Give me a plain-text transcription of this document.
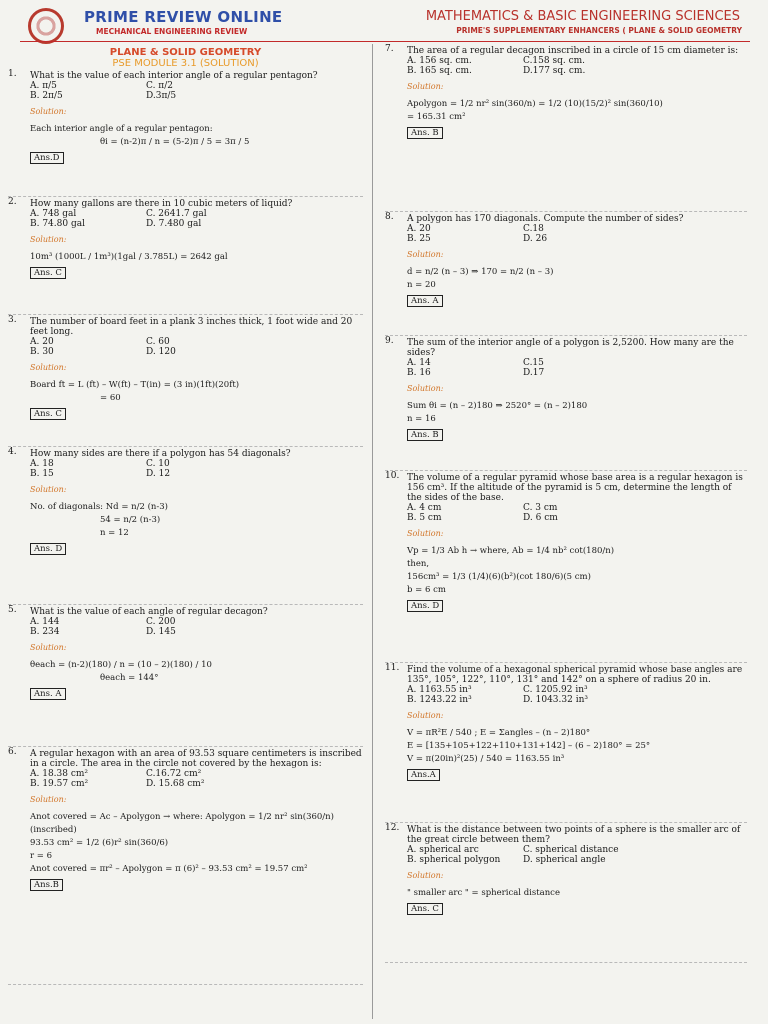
PRIME REVIEW ONLINE
MECHANICAL ENGINEERING REVIEW
MATHEMATICS & BASIC ENGINEERING SCIENCES
PRIME'S SUPPLEMENTARY ENHANCERS ( PLANE & SOLID GEOMETRY
PLANE & SOLID GEOMETRY
PSE MODULE 3.1 (SOLUTION)
1. What is the value of each interior angle of a regular pentagon?
A. π/5	C. π/2
B. 2π/5	D.3π/5
Solution:
Each interior angle of a regular pentagon:
θi = (n-2)π / n = (5-2)π / 5 = 3π / 5
Ans.D
2. How many gallons are there in 10 cubic meters of liquid?
A. 748 gal	C. 2641.7 gal
B. 74.80 gal	D. 7.480 gal
Solution:
10m³ (1000L / 1m³)(1gal / 3.785L) = 2642 gal
Ans. C
3. The number of board feet in a plank 3 inches thick, 1 foot wide and 20 feet long.
A. 20	C. 60
B. 30	D. 120
Solution:
Board ft = L (ft) – W(ft) – T(in) = (3 in)(1ft)(20ft)
= 60
Ans. C
4. How many sides are there if a polygon has 54 diagonals?
A. 18	C. 10
B. 15	D. 12
Solution:
No. of diagonals: Nd = n/2 (n-3)
54 = n/2 (n-3)
n = 12
Ans. D
5. What is the value of each angle of regular decagon?
A. 144	C. 200
B. 234	D. 145
Solution:
θeach = (n-2)(180) / n = (10 – 2)(180) / 10
θeach = 144°
Ans. A
6. A regular hexagon with an area of 93.53 square centimeters is inscribed in a circle. The area in the circle not covered by the hexagon is:
A. 18.38 cm²	C.16.72 cm²
B. 19.57 cm²	D. 15.68 cm²
Solution:
Anot covered = Ac – Apolygon → where: Apolygon = 1/2 nr² sin(360/n) (inscribed)
93.53 cm² = 1/2 (6)r² sin(360/6)
r = 6
Anot covered = πr² – Apolygon = π (6)² – 93.53 cm² = 19.57 cm²
Ans.B
7. The area of a regular decagon inscribed in a circle of 15 cm diameter is:
A. 156 sq. cm.	C.158 sq. cm.
B. 165 sq. cm.	D.177 sq. cm.
Solution:
Apolygon = 1/2 nr² sin(360/n) = 1/2 (10)(15/2)² sin(360/10)
= 165.31 cm²
Ans. B
8. A polygon has 170 diagonals. Compute the number of sides?
A. 20	C.18
B. 25	D. 26
Solution:
d = n/2 (n – 3) ⇒ 170 = n/2 (n – 3)
n = 20
Ans. A
9. The sum of the interior angle of a polygon is 2,5200. How many are the sides?
A. 14	C.15
B. 16	D.17
Solution:
Sum θi = (n – 2)180 ⇒ 2520° = (n – 2)180
n = 16
Ans. B
10. The volume of a regular pyramid whose base area is a regular hexagon is 156 cm³. If the altitude of the pyramid is 5 cm, determine the length of the sides of the base.
A. 4 cm	C. 3 cm
B. 5 cm	D. 6 cm
Solution:
Vp = 1/3 Ab h → where, Ab = 1/4 nb² cot(180/n)
then,
156cm³ = 1/3 (1/4)(6)(b²)(cot 180/6)(5 cm)
b = 6 cm
Ans. D
11. Find the volume of a hexagonal spherical pyramid whose base angles are 135°, 105°, 122°, 110°, 131° and 142° on a sphere of radius 20 in.
A. 1163.55 in³	C. 1205.92 in³
B. 1243.22 in³	D. 1043.32 in³
Solution:
V = πR²E / 540 ; E = Σangles – (n – 2)180°
E = [135+105+122+110+131+142] – (6 – 2)180° = 25°
V = π(20in)²(25) / 540 = 1163.55 in³
Ans.A
12. What is the distance between two points of a sphere is the smaller arc of the great circle between them?
A. spherical arc	C. spherical distance
B. spherical polygon	D. spherical angle
Solution:
" smaller arc " = spherical distance
Ans. C
